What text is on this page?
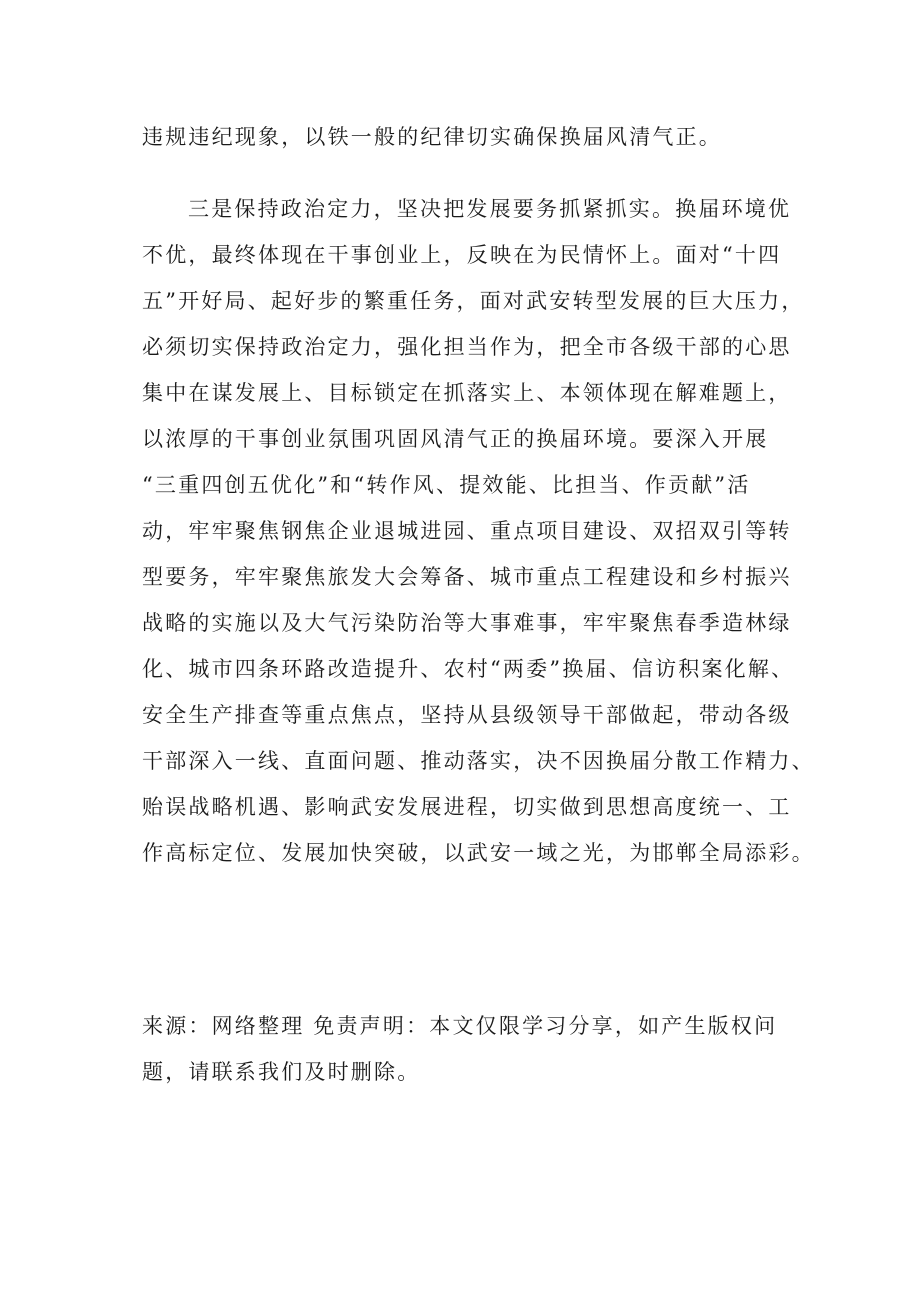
违规违纪现象，以铁一般的纪律切实确保换届风清气正。
三是保持政治定力，坚决把发展要务抓紧抓实。换届环境优
不优，最终体现在干事创业上，反映在为民情怀上。面对“十四
五”开好局、起好步的繁重任务，面对武安转型发展的巨大压力，
必须切实保持政治定力，强化担当作为，把全市各级干部的心思
集中在谋发展上、目标锁定在抓落实上、本领体现在解难题上，
以浓厚的干事创业氛围巩固风清气正的换届环境。要深入开展
“三重四创五优化”和“转作风、提效能、比担当、作贡献”活
动，牢牢聚焦钢焦企业退城进园、重点项目建设、双招双引等转
型要务，牢牢聚焦旅发大会筹备、城市重点工程建设和乡村振兴
战略的实施以及大气污染防治等大事难事，牢牢聚焦春季造林绿
化、城市四条环路改造提升、农村“两委”换届、信访积案化解、
安全生产排查等重点焦点，坚持从县级领导干部做起，带动各级
干部深入一线、直面问题、推动落实，决不因换届分散工作精力、
贻误战略机遇、影响武安发展进程，切实做到思想高度统一、工
作高标定位、发展加快突破，以武安一域之光，为邯郸全局添彩。
来源：网络整理 免责声明：本文仅限学习分享，如产生版权问
题，请联系我们及时删除。
